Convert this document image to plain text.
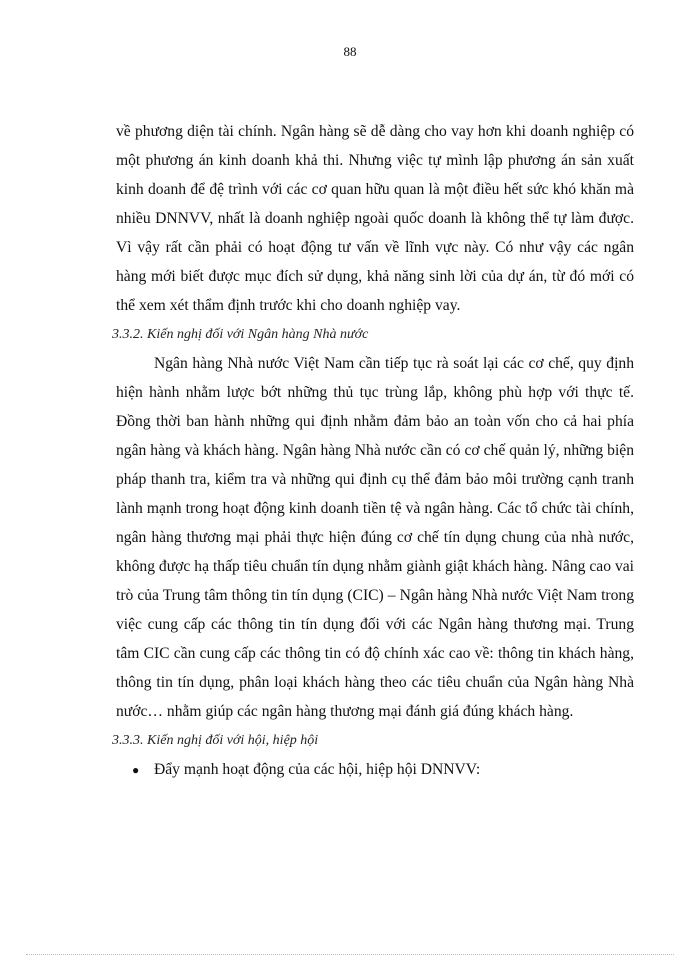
88

về phương diện tài chính. Ngân hàng sẽ dễ dàng cho vay hơn khi doanh nghiệp có một phương án kinh doanh khả thi. Nhưng việc tự mình lập phương án sản xuất kinh doanh để đệ trình với các cơ quan hữu quan là một điều hết sức khó khăn mà nhiều DNNVV, nhất là doanh nghiệp ngoài quốc doanh là không thể tự làm được. Vì vậy rất cần phải có hoạt động tư vấn về lĩnh vực này. Có như vậy các ngân hàng mới biết được mục đích sử dụng, khả năng sinh lời của dự án, từ đó mới có thể xem xét thẩm định trước khi cho doanh nghiệp vay.

3.3.2. Kiến nghị đối với Ngân hàng Nhà nước

Ngân hàng Nhà nước Việt Nam cần tiếp tục rà soát lại các cơ chế, quy định hiện hành nhằm lược bớt những thủ tục trùng lắp, không phù hợp với thực tế. Đồng thời ban hành những qui định nhằm đảm bảo an toàn vốn cho cả hai phía ngân hàng và khách hàng. Ngân hàng Nhà nước cần có cơ chế quản lý, những biện pháp thanh tra, kiểm tra và những qui định cụ thể đảm bảo môi trường cạnh tranh lành mạnh trong hoạt động kinh doanh tiền tệ và ngân hàng. Các tổ chức tài chính, ngân hàng thương mại phải thực hiện đúng cơ chế tín dụng chung của nhà nước, không được hạ thấp tiêu chuẩn tín dụng nhằm giành giật khách hàng. Nâng cao vai trò của Trung tâm thông tin tín dụng (CIC) – Ngân hàng Nhà nước Việt Nam trong việc cung cấp các thông tin tín dụng đối với các Ngân hàng thương mại. Trung tâm CIC cần cung cấp các thông tin có độ chính xác cao về: thông tin khách hàng, thông tin tín dụng, phân loại khách hàng theo các tiêu chuẩn của Ngân hàng Nhà nước… nhằm giúp các ngân hàng thương mại đánh giá đúng khách hàng.

3.3.3. Kiến nghị đối với hội, hiệp hội

● Đẩy mạnh hoạt động của các hội, hiệp hội DNNVV:
